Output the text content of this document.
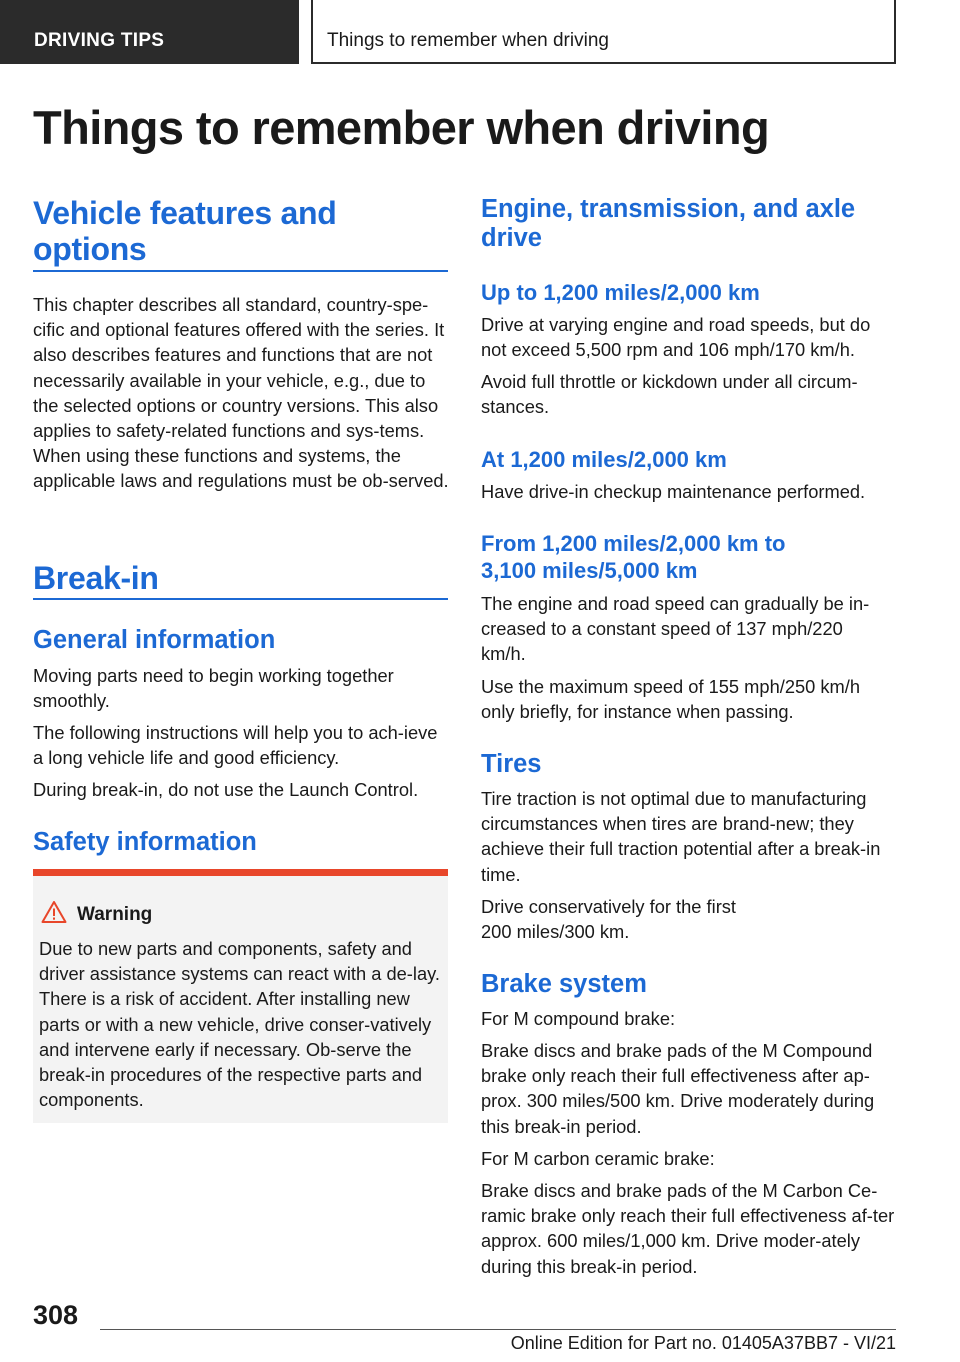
DRIVING TIPS	Things to remember when driving
Things to remember when driving
Vehicle features and
options
This chapter describes all standard, country-spe-cific and optional features offered with the series. It also describes features and functions that are not necessarily available in your vehicle, e.g., due to the selected options or country versions. This also applies to safety-related functions and sys-tems. When using these functions and systems, the applicable laws and regulations must be ob-served.
Break-in
General information
Moving parts need to begin working together smoothly.
The following instructions will help you to ach-ieve a long vehicle life and good efficiency.
During break-in, do not use the Launch Control.
Safety information
Warning
Due to new parts and components, safety and driver assistance systems can react with a de-lay. There is a risk of accident. After installing new parts or with a new vehicle, drive conser-vatively and intervene early if necessary. Ob-serve the break-in procedures of the respective parts and components.
Engine, transmission, and axle
drive
Up to 1,200 miles/2,000 km
Drive at varying engine and road speeds, but do not exceed 5,500 rpm and 106 mph/170 km/h.
Avoid full throttle or kickdown under all circum-stances.
At 1,200 miles/2,000 km
Have drive-in checkup maintenance performed.
From 1,200 miles/2,000 km to
3,100 miles/5,000 km
The engine and road speed can gradually be in-creased to a constant speed of 137 mph/220 km/h.
Use the maximum speed of 155 mph/250 km/h only briefly, for instance when passing.
Tires
Tire traction is not optimal due to manufacturing circumstances when tires are brand-new; they achieve their full traction potential after a break-in time.
Drive conservatively for the first 200 miles/300 km.
Brake system
For M compound brake:
Brake discs and brake pads of the M Compound brake only reach their full effectiveness after ap-prox. 300 miles/500 km. Drive moderately during this break-in period.
For M carbon ceramic brake:
Brake discs and brake pads of the M Carbon Ce-ramic brake only reach their full effectiveness af-ter approx. 600 miles/1,000 km. Drive moder-ately during this break-in period.
308
Online Edition for Part no. 01405A37BB7 - VI/21
